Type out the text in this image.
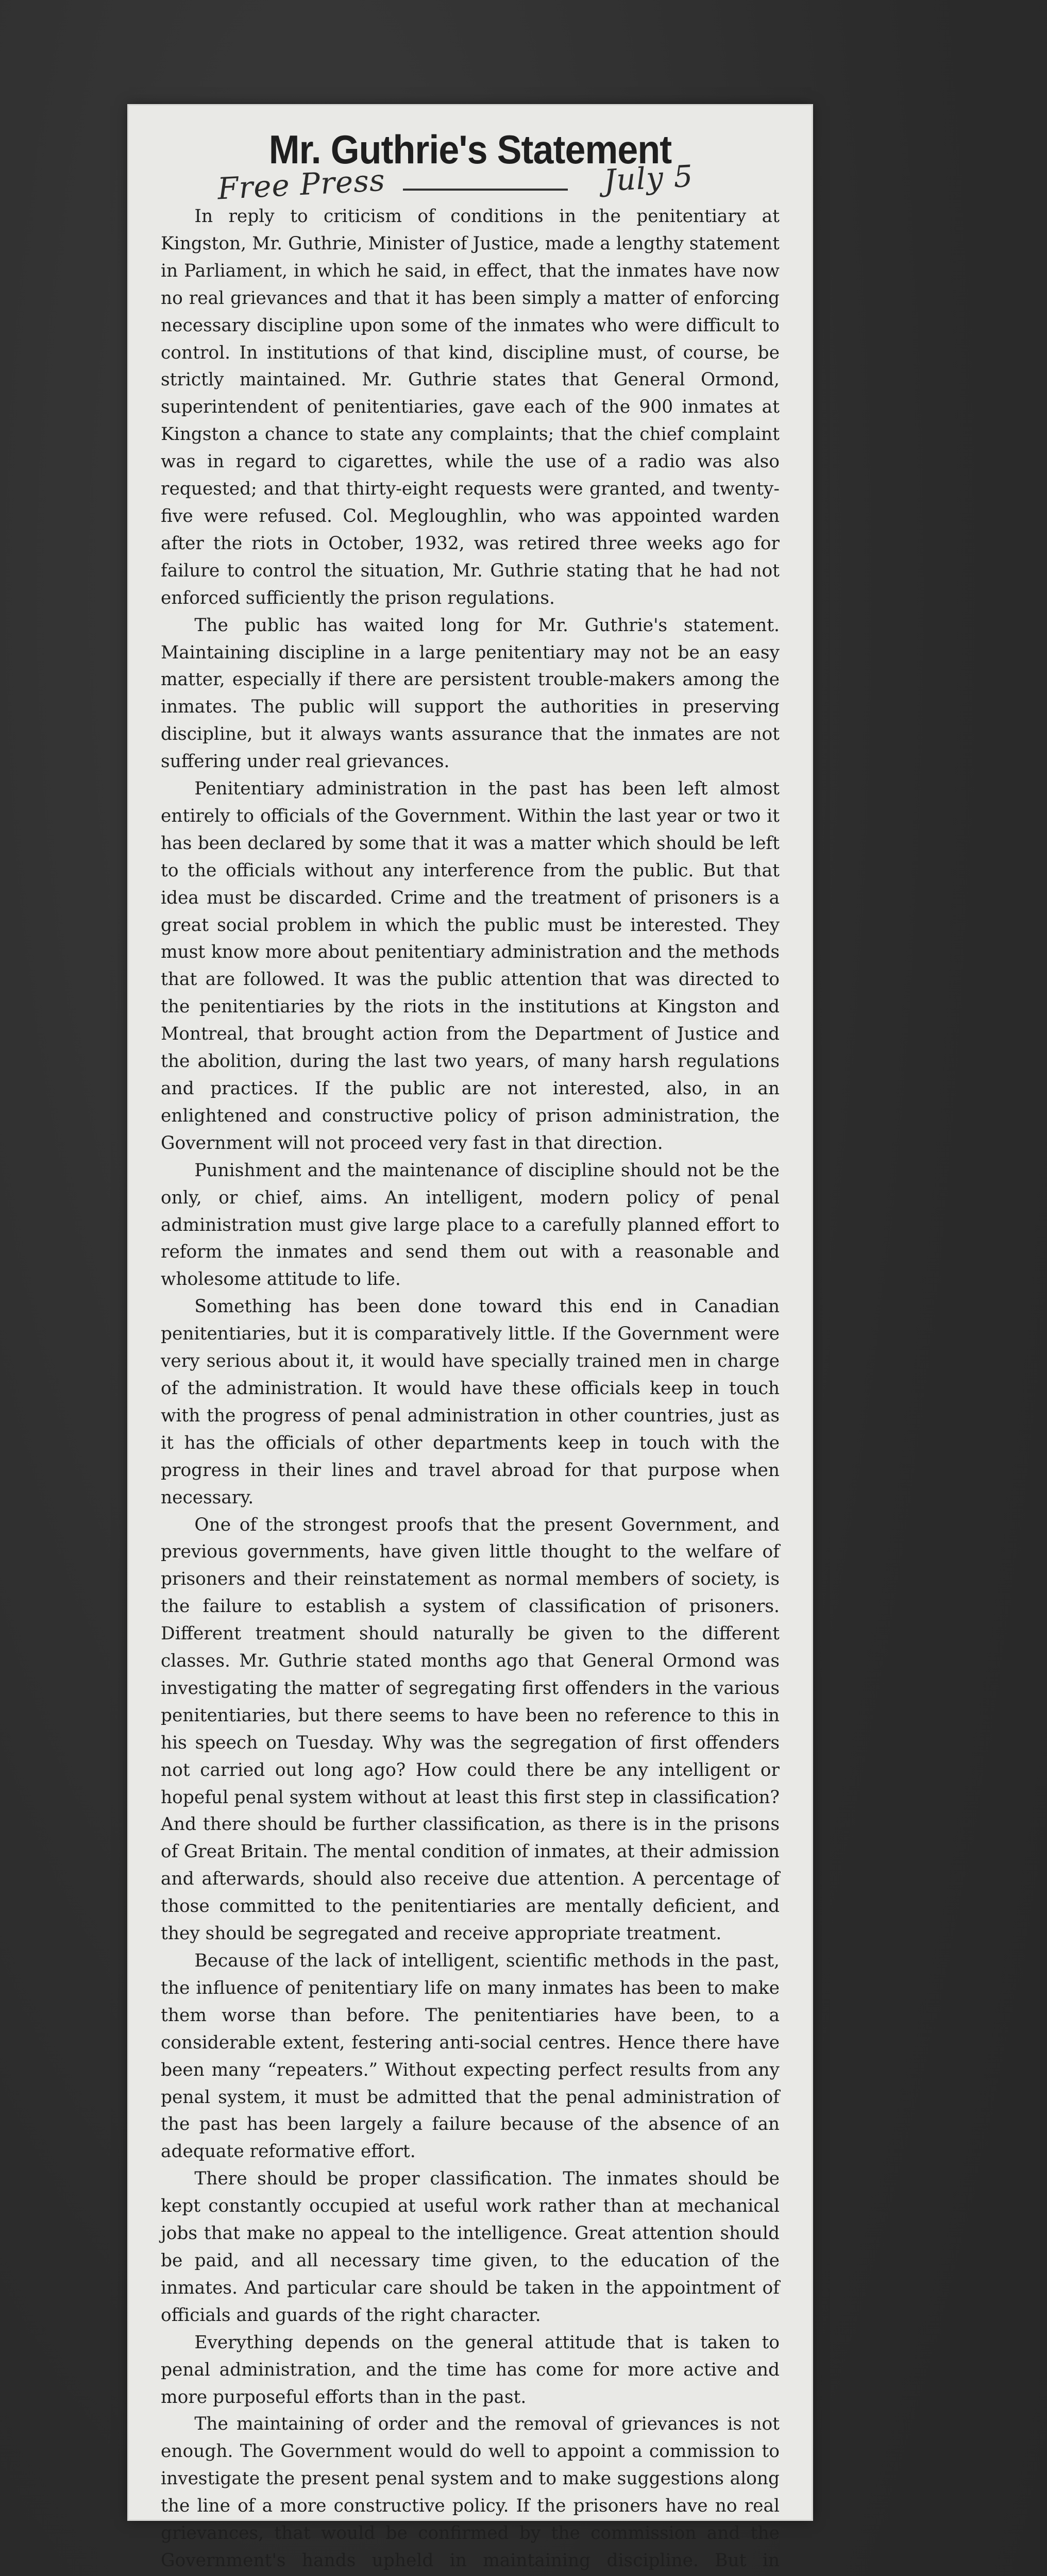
Mr. Guthrie's Statement
Free Press	July 5

In reply to criticism of conditions in the penitentiary at Kingston, Mr. Guthrie, Minister of Justice, made a lengthy statement in Parliament, in which he said, in effect, that the inmates have now no real grievances and that it has been simply a matter of enforcing necessary discipline upon some of the inmates who were difficult to control. In institutions of that kind, discipline must, of course, be strictly maintained. Mr. Guthrie states that General Ormond, superintendent of penitentiaries, gave each of the 900 inmates at Kingston a chance to state any complaints; that the chief complaint was in regard to cigarettes, while the use of a radio was also requested; and that thirty-eight requests were granted, and twenty-five were refused. Col. Megloughlin, who was appointed warden after the riots in October, 1932, was retired three weeks ago for failure to control the situation, Mr. Guthrie stating that he had not enforced sufficiently the prison regulations.

The public has waited long for Mr. Guthrie's statement. Maintaining discipline in a large penitentiary may not be an easy matter, especially if there are persistent trouble-makers among the inmates. The public will support the authorities in preserving discipline, but it always wants assurance that the inmates are not suffering under real grievances.

Penitentiary administration in the past has been left almost entirely to officials of the Government. Within the last year or two it has been declared by some that it was a matter which should be left to the officials without any interference from the public. But that idea must be discarded. Crime and the treatment of prisoners is a great social problem in which the public must be interested. They must know more about penitentiary administration and the methods that are followed. It was the public attention that was directed to the penitentiaries by the riots in the institutions at Kingston and Montreal, that brought action from the Department of Justice and the abolition, during the last two years, of many harsh regulations and practices. If the public are not interested, also, in an enlightened and constructive policy of prison administration, the Government will not proceed very fast in that direction.

Punishment and the maintenance of discipline should not be the only, or chief, aims. An intelligent, modern policy of penal administration must give large place to a carefully planned effort to reform the inmates and send them out with a reasonable and wholesome attitude to life.

Something has been done toward this end in Canadian penitentiaries, but it is comparatively little. If the Government were very serious about it, it would have specially trained men in charge of the administration. It would have these officials keep in touch with the progress of penal administration in other countries, just as it has the officials of other departments keep in touch with the progress in their lines and travel abroad for that purpose when necessary.

One of the strongest proofs that the present Government, and previous governments, have given little thought to the welfare of prisoners and their reinstatement as normal members of society, is the failure to establish a system of classification of prisoners. Different treatment should naturally be given to the different classes. Mr. Guthrie stated months ago that General Ormond was investigating the matter of segregating first offenders in the various penitentiaries, but there seems to have been no reference to this in his speech on Tuesday. Why was the segregation of first offenders not carried out long ago? How could there be any intelligent or hopeful penal system without at least this first step in classification? And there should be further classification, as there is in the prisons of Great Britain. The mental condition of inmates, at their admission and afterwards, should also receive due attention. A percentage of those committed to the penitentiaries are mentally deficient, and they should be segregated and receive appropriate treatment.

Because of the lack of intelligent, scientific methods in the past, the influence of penitentiary life on many inmates has been to make them worse than before. The penitentiaries have been, to a considerable extent, festering anti-social centres. Hence there have been many “repeaters.” Without expecting perfect results from any penal system, it must be admitted that the penal administration of the past has been largely a failure because of the absence of an adequate reformative effort.

There should be proper classification. The inmates should be kept constantly occupied at useful work rather than at mechanical jobs that make no appeal to the intelligence. Great attention should be paid, and all necessary time given, to the education of the inmates. And particular care should be taken in the appointment of officials and guards of the right character.

Everything depends on the general attitude that is taken to penal administration, and the time has come for more active and more purposeful efforts than in the past.

The maintaining of order and the removal of grievances is not enough. The Government would do well to appoint a commission to investigate the present penal system and to make suggestions along the line of a more constructive policy. If the prisoners have no real grievances, that would be confirmed by the commission and the Government's hands upheld in maintaining discipline. But in
